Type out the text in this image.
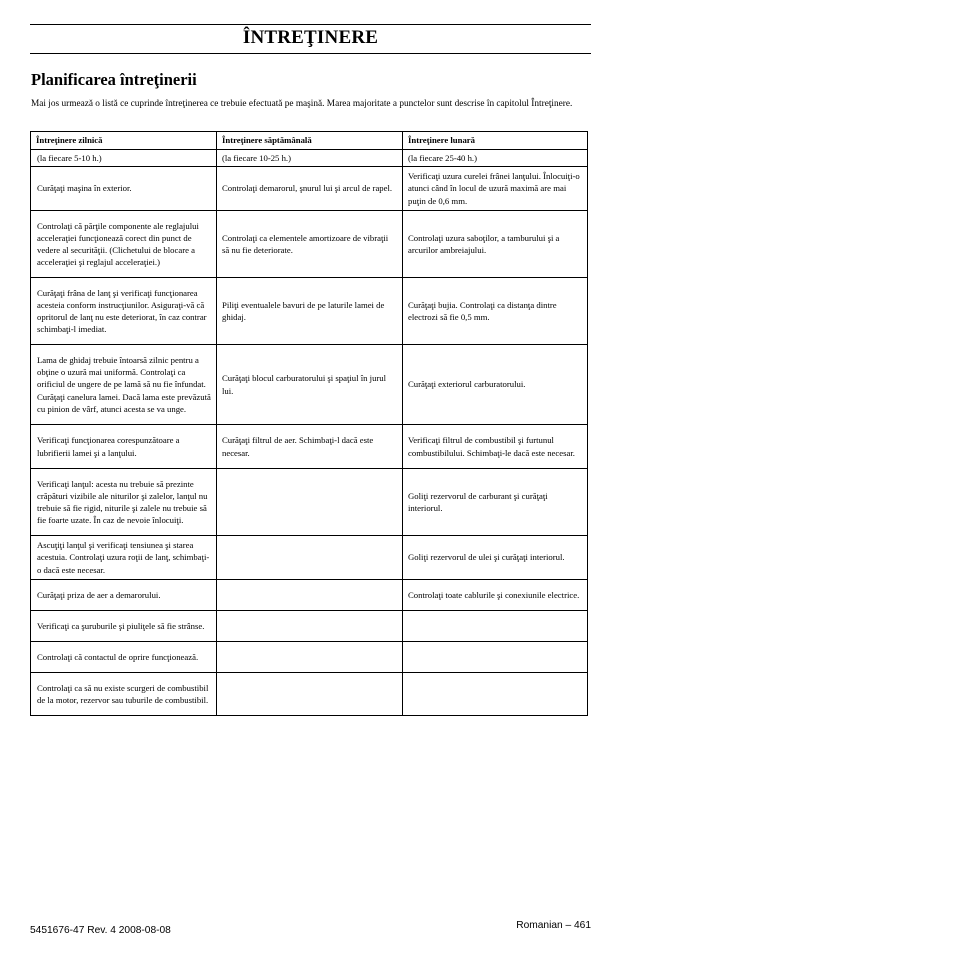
ÎNTREŢINERE
Planificarea întreţinerii
Mai jos urmează o listă ce cuprinde întreţinerea ce trebuie efectuată pe maşină. Marea majoritate a punctelor sunt descrise în capitolul Întreţinere.
Întreţinere zilnică	Întreţinere săptămânală	Întreţinere lunară
(la fiecare 5-10 h.)	(la fiecare 10-25 h.)	(la fiecare 25-40 h.)
Curăţaţi maşina în exterior.	Controlaţi demarorul, şnurul lui şi arcul de rapel.	Verificaţi uzura curelei frânei lanţului. Înlocuiţi-o atunci când în locul de uzură maximă are mai puţin de 0,6 mm.
Controlaţi că părţile componente ale reglajului acceleraţiei funcţionează corect din punct de vedere al securităţii. (Clichetului de blocare a acceleraţiei şi reglajul acceleraţiei.)	Controlaţi ca elementele amortizoare de vibraţii să nu fie deteriorate.	Controlaţi uzura saboţilor, a tamburului şi a arcurilor ambreiajului.
Curăţaţi frâna de lanţ şi verificaţi funcţionarea acesteia conform instrucţiunilor. Asiguraţi-vă că opritorul de lanţ nu este deteriorat, în caz contrar schimbaţi-l imediat.	Piliţi eventualele bavuri de pe laturile lamei de ghidaj.	Curăţaţi bujia. Controlaţi ca distanţa dintre electrozi să fie 0,5 mm.
Lama de ghidaj trebuie întoarsă zilnic pentru a obţine o uzură mai uniformă. Controlaţi ca orificiul de ungere de pe lamă să nu fie înfundat. Curăţaţi canelura lamei. Dacă lama este prevăzută cu pinion de vârf, atunci acesta se va unge.	Curăţaţi blocul carburatorului şi spaţiul în jurul lui.	Curăţaţi exteriorul carburatorului.
Verificaţi funcţionarea corespunzătoare a lubrifierii lamei şi a lanţului.	Curăţaţi filtrul de aer. Schimbaţi-l dacă este necesar.	Verificaţi filtrul de combustibil şi furtunul combustibilului. Schimbaţi-le dacă este necesar.
Verificaţi lanţul: acesta nu trebuie să prezinte crăpături vizibile ale niturilor şi zalelor, lanţul nu trebuie să fie rigid, niturile şi zalele nu trebuie să fie foarte uzate. În caz de nevoie înlocuiţi.		Goliţi rezervorul de carburant şi curăţaţi interiorul.
Ascuţiţi lanţul şi verificaţi tensiunea şi starea acestuia. Controlaţi uzura roţii de lanţ, schimbaţi-o dacă este necesar.		Goliţi rezervorul de ulei şi curăţaţi interiorul.
Curăţaţi priza de aer a demarorului.		Controlaţi toate cablurile şi conexiunile electrice.
Verificaţi ca şuruburile şi piuliţele să fie strânse.		
Controlaţi că contactul de oprire funcţionează.		
Controlaţi ca să nu existe scurgeri de combustibil de la motor, rezervor sau tuburile de combustibil.		
5451676-47 Rev. 4 2008-08-08	Romanian – 461
